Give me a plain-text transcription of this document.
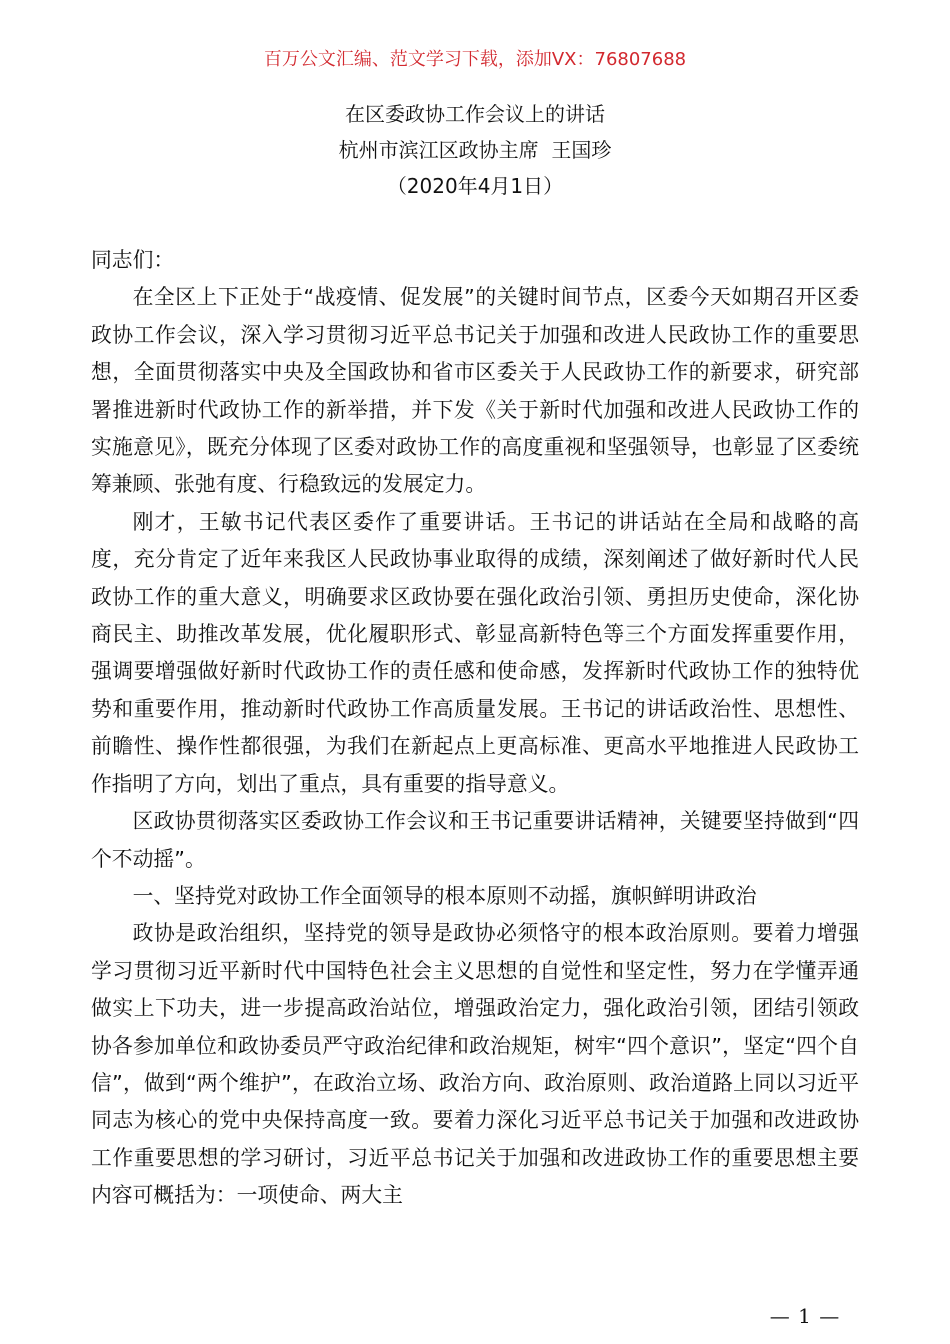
百万公文汇编、范文学习下载，添加VX：76807688
在区委政协工作会议上的讲话
杭州市滨江区政协主席  王国珍
（2020年4月1日）

同志们：

在全区上下正处于“战疫情、促发展”的关键时间节点，区委今天如期召开区委政协工作会议，深入学习贯彻习近平总书记关于加强和改进人民政协工作的重要思想，全面贯彻落实中央及全国政协和省市区委关于人民政协工作的新要求，研究部署推进新时代政协工作的新举措，并下发《关于新时代加强和改进人民政协工作的实施意见》，既充分体现了区委对政协工作的高度重视和坚强领导，也彰显了区委统筹兼顾、张弛有度、行稳致远的发展定力。

刚才，王敏书记代表区委作了重要讲话。王书记的讲话站在全局和战略的高度，充分肯定了近年来我区人民政协事业取得的成绩，深刻阐述了做好新时代人民政协工作的重大意义，明确要求区政协要在强化政治引领、勇担历史使命，深化协商民主、助推改革发展，优化履职形式、彰显高新特色等三个方面发挥重要作用，强调要增强做好新时代政协工作的责任感和使命感，发挥新时代政协工作的独特优势和重要作用，推动新时代政协工作高质量发展。王书记的讲话政治性、思想性、前瞻性、操作性都很强，为我们在新起点上更高标准、更高水平地推进人民政协工作指明了方向，划出了重点，具有重要的指导意义。

区政协贯彻落实区委政协工作会议和王书记重要讲话精神，关键要坚持做到“四个不动摇”。

一、坚持党对政协工作全面领导的根本原则不动摇，旗帜鲜明讲政治

政协是政治组织，坚持党的领导是政协必须恪守的根本政治原则。要着力增强学习贯彻习近平新时代中国特色社会主义思想的自觉性和坚定性，努力在学懂弄通做实上下功夫，进一步提高政治站位，增强政治定力，强化政治引领，团结引领政协各参加单位和政协委员严守政治纪律和政治规矩，树牢“四个意识”，坚定“四个自信”，做到“两个维护”，在政治立场、政治方向、政治原则、政治道路上同以习近平同志为核心的党中央保持高度一致。要着力深化习近平总书记关于加强和改进政协工作重要思想的学习研讨，习近平总书记关于加强和改进政协工作的重要思想主要内容可概括为：一项使命、两大主

— 1 —
